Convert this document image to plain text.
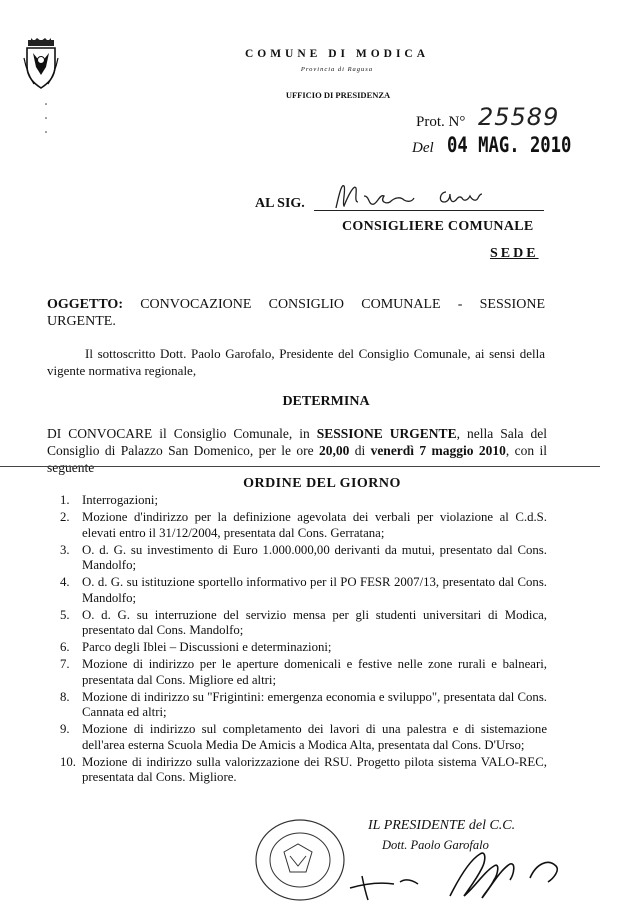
COMUNE DI MODICA
Provincia di Ragusa
UFFICIO DI PRESIDENZA
Prot. N° 25589
Del 04 MAG. 2010
AL SIG.
CONSIGLIERE COMUNALE
SEDE
OGGETTO: CONVOCAZIONE CONSIGLIO COMUNALE - SESSIONE URGENTE.
Il sottoscritto Dott. Paolo Garofalo, Presidente del Consiglio Comunale, ai sensi della vigente normativa regionale,
DETERMINA
DI CONVOCARE il Consiglio Comunale, in SESSIONE URGENTE, nella Sala del Consiglio di Palazzo San Domenico, per le ore 20,00 di venerdì 7 maggio 2010, con il seguente
ORDINE DEL GIORNO
1. Interrogazioni;
2. Mozione d'indirizzo per la definizione agevolata dei verbali per violazione al C.d.S. elevati entro il 31/12/2004, presentata dal Cons. Gerratana;
3. O. d. G. su investimento di Euro 1.000.000,00 derivanti da mutui, presentato dal Cons. Mandolfo;
4. O. d. G. su istituzione sportello informativo per il PO FESR 2007/13, presentato dal Cons. Mandolfo;
5. O. d. G. su interruzione del servizio mensa per gli studenti universitari di Modica, presentato dal Cons. Mandolfo;
6. Parco degli Iblei – Discussioni e determinazioni;
7. Mozione di indirizzo per le aperture domenicali e festive nelle zone rurali e balneari, presentata dal Cons. Migliore ed altri;
8. Mozione di indirizzo su "Frigintini: emergenza economia e sviluppo", presentata dal Cons. Cannata ed altri;
9. Mozione di indirizzo sul completamento dei lavori di una palestra e di sistemazione dell'area esterna Scuola Media De Amicis a Modica Alta, presentata dal Cons. D'Urso;
10. Mozione di indirizzo sulla valorizzazione dei RSU. Progetto pilota sistema VALO-REC, presentata dal Cons. Migliore.
IL PRESIDENTE del C.C.
Dott. Paolo Garofalo
